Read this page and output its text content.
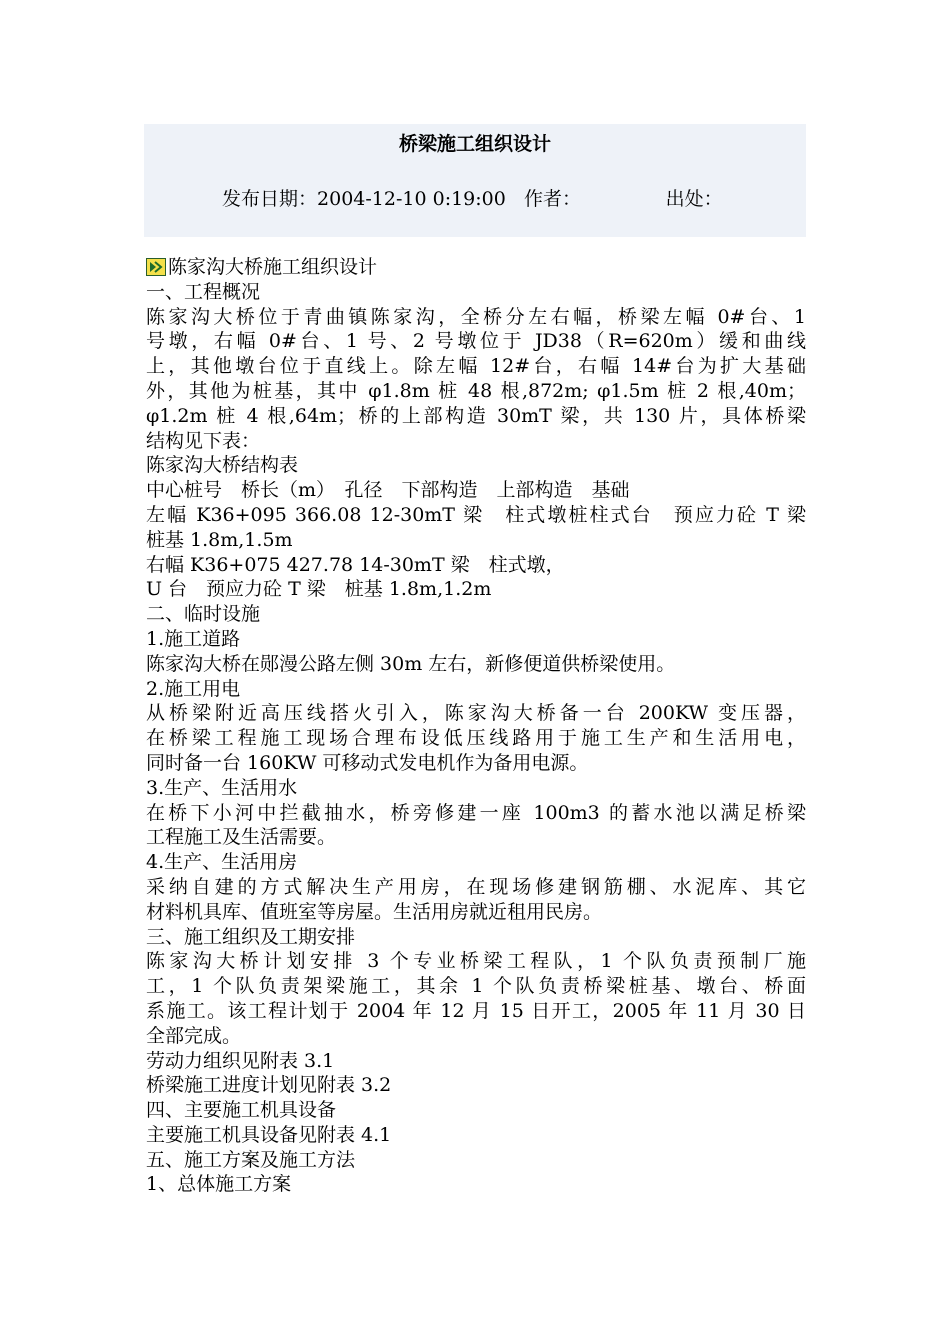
桥梁施工组织设计
发布日期：2004-12-10 0:19:00 作者：	出处：
陈家沟大桥施工组织设计
一、工程概况
陈家沟大桥位于青曲镇陈家沟，全桥分左右幅，桥梁左幅 0#台、1
号墩，右幅 0#台、1 号、2 号墩位于 JD38（R=620m）缓和曲线
上，其他墩台位于直线上。除左幅 12#台，右幅 14#台为扩大基础
外，其他为桩基，其中 φ1.8m 桩 48 根,872m; φ1.5m 桩 2 根,40m；
φ1.2m 桩 4 根,64m；桥的上部构造 30mT 梁，共 130 片，具体桥梁
结构见下表：
陈家沟大桥结构表
中心桩号　桥长（m）　孔径　下部构造　上部构造　基础
左幅 K36+095 366.08 12-30mT 梁　柱式墩桩柱式台　预应力砼 T 梁
桩基 1.8m,1.5m
右幅 K36+075 427.78 14-30mT 梁　柱式墩，
U 台　预应力砼 T 梁　桩基 1.8m,1.2m
二、临时设施
1.施工道路
陈家沟大桥在郧漫公路左侧 30m 左右，新修便道供桥梁使用。
2.施工用电
从桥梁附近高压线搭火引入，陈家沟大桥备一台 200KW 变压器，
在桥梁工程施工现场合理布设低压线路用于施工生产和生活用电，
同时备一台 160KW 可移动式发电机作为备用电源。
3.生产、生活用水
在桥下小河中拦截抽水，桥旁修建一座 100m3 的蓄水池以满足桥梁
工程施工及生活需要。
4.生产、生活用房
采纳自建的方式解决生产用房，在现场修建钢筋棚、水泥库、其它
材料机具库、值班室等房屋。生活用房就近租用民房。
三、施工组织及工期安排
陈家沟大桥计划安排 3 个专业桥梁工程队，1 个队负责预制厂施
工，1 个队负责架梁施工，其余 1 个队负责桥梁桩基、墩台、桥面
系施工。该工程计划于 2004 年 12 月 15 日开工，2005 年 11 月 30 日
全部完成。
劳动力组织见附表 3.1
桥梁施工进度计划见附表 3.2
四、主要施工机具设备
主要施工机具设备见附表 4.1
五、施工方案及施工方法
1、总体施工方案
